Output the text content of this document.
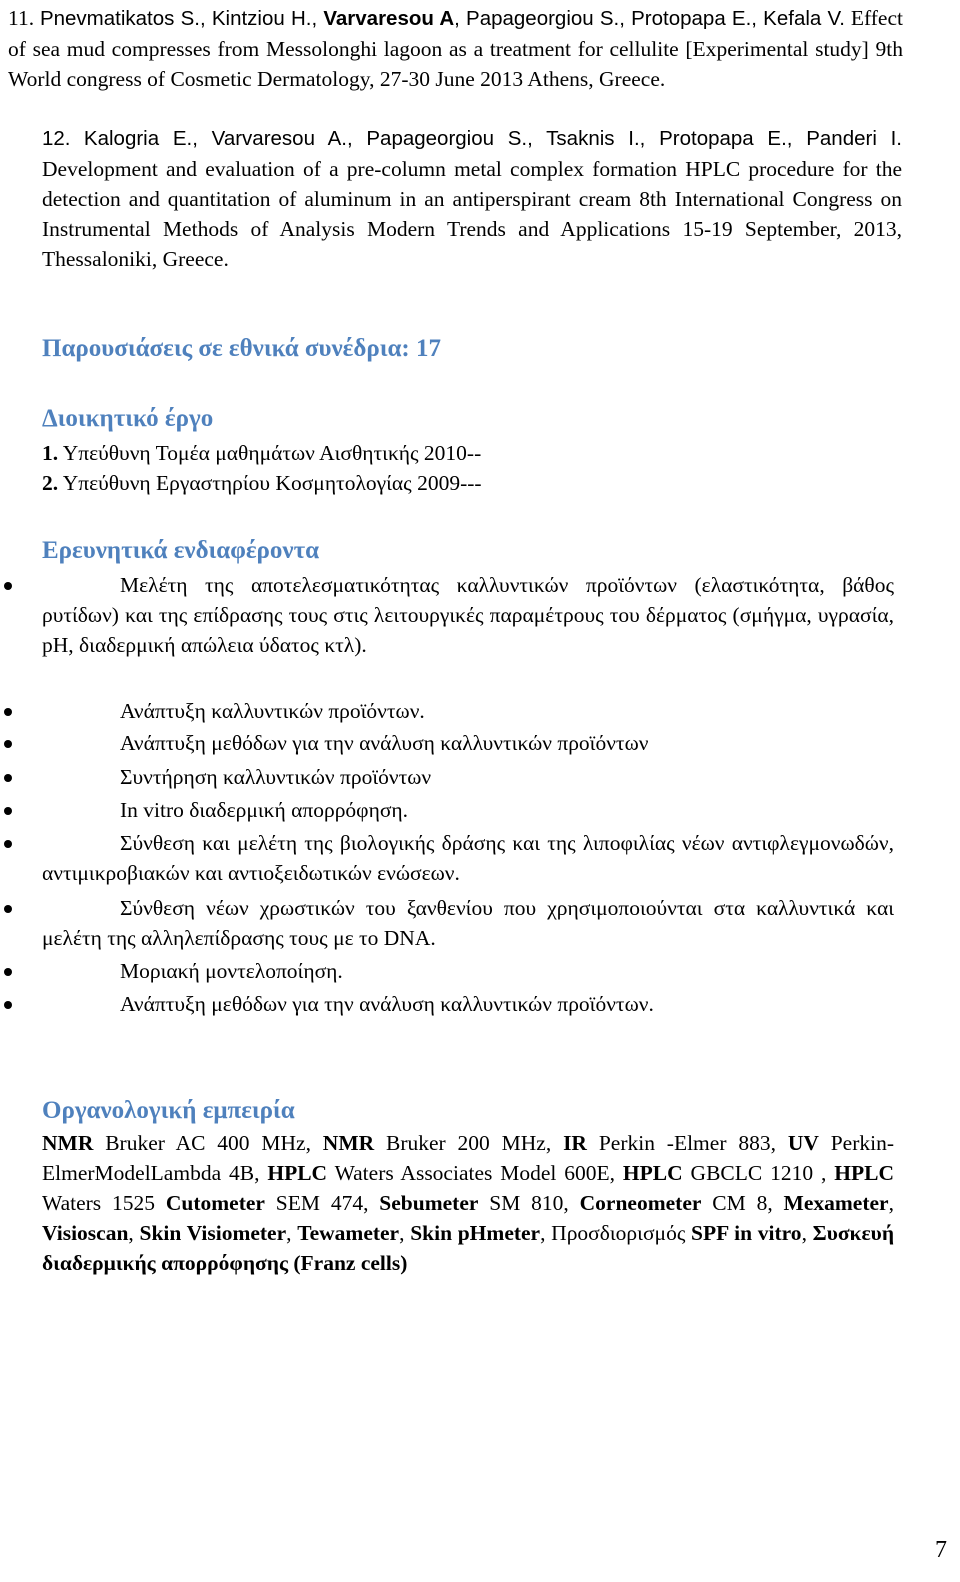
11. Pnevmatikatos S., Kintziou H., Varvaresou A, Papageorgiou S., Protopapa E., Kefala V. Effect of sea mud compresses from Messolonghi lagoon as a treatment for cellulite [Experimental study] 9th World congress of Cosmetic Dermatology, 27-30 June 2013 Athens, Greece.
12. Kalogria E., Varvaresou A., Papageorgiou S., Tsaknis I., Protopapa E., Panderi I. Development and evaluation of a pre-column metal complex formation HPLC procedure for the detection and quantitation of aluminum in an antiperspirant cream 8th International Congress on Instrumental Methods of Analysis Modern Trends and Applications 15-19 September, 2013, Thessaloniki, Greece.
Παρουσιάσεις σε εθνικά συνέδρια: 17
Διοικητικό έργο
1. Υπεύθυνη Τομέα μαθημάτων Αισθητικής 2010--
2. Υπεύθυνη Εργαστηρίου Κοσμητολογίας 2009---
Ερευνητικά ενδιαφέροντα
Μελέτη της αποτελεσματικότητας καλλυντικών προϊόντων (ελαστικότητα, βάθος ρυτίδων) και της επίδρασης τους στις λειτουργικές παραμέτρους του δέρματος (σμήγμα, υγρασία, pH, διαδερμική απώλεια ύδατος κτλ).
Ανάπτυξη καλλυντικών προϊόντων.
Ανάπτυξη μεθόδων για την ανάλυση καλλυντικών προϊόντων
Συντήρηση καλλυντικών προϊόντων
In vitro διαδερμική απορρόφηση.
Σύνθεση και μελέτη της βιολογικής δράσης και της λιποφιλίας νέων αντιφλεγμονωδών, αντιμικροβιακών και αντιοξειδωτικών ενώσεων.
Σύνθεση νέων χρωστικών του ξανθενίου που χρησιμοποιούνται στα καλλυντικά και μελέτη της αλληλεπίδρασης τους με το DNA.
Μοριακή μοντελοποίηση.
Ανάπτυξη μεθόδων για την ανάλυση καλλυντικών προϊόντων.
Οργανολογική εμπειρία
NMR Bruker AC 400 MHz, NMR Bruker 200 MHz, IR Perkin -Elmer 883, UV Perkin- ElmerModelLambda 4B, HPLC Waters Associates Model 600E, HPLC GBCLC 1210 , HPLC Waters 1525 Cutometer SEM 474, Sebumeter SM 810, Corneometer CM 8, Mexameter, Visioscan, Skin Visiometer, Tewameter, Skin pHmeter, Προσδιορισμός SPF in vitro, Συσκευή διαδερμικής απορρόφησης (Franz cells)
7
